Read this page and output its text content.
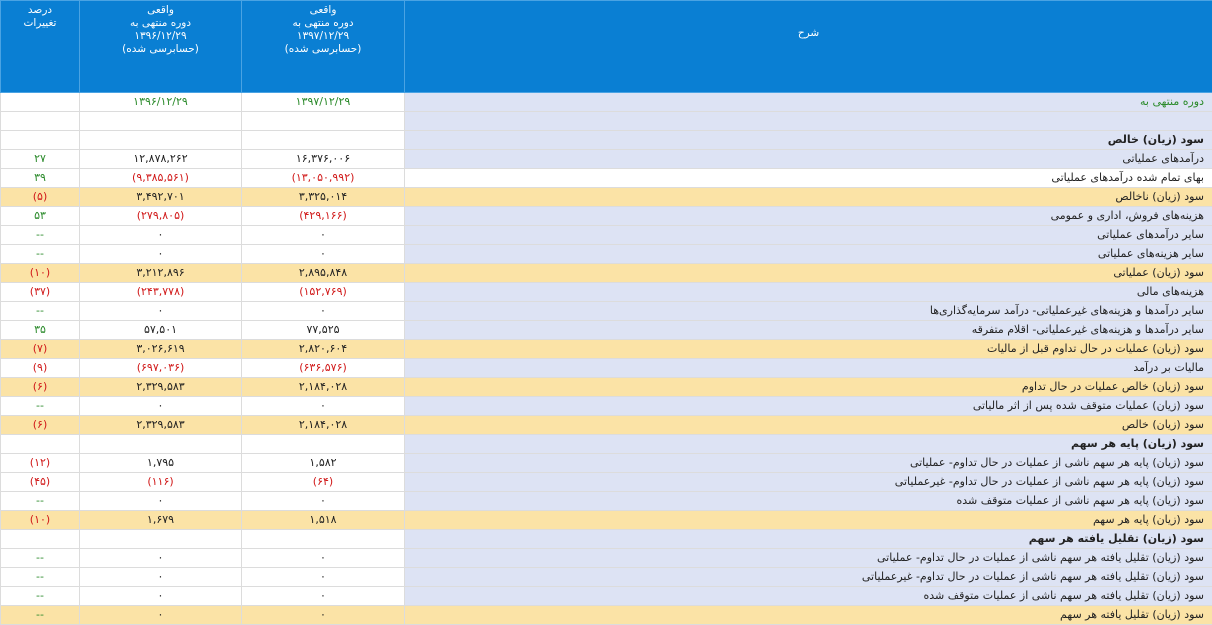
درصد
تغییرات	واقعی
دوره منتهی به
۱۳۹۶/۱۲/۲۹
(حسابرسی شده)	واقعی
دوره منتهی به
۱۳۹۷/۱۲/۲۹
(حسابرسی شده)	شرح
	۱۳۹۶/۱۲/۲۹	۱۳۹۷/۱۲/۲۹	دوره منتهی به

			سود (زیان) خالص
۲۷	۱۲,۸۷۸,۲۶۲	۱۶,۳۷۶,۰۰۶	درآمدهای عملیاتی
۳۹	(۹,۳۸۵,۵۶۱)	(۱۳,۰۵۰,۹۹۲)	بهای تمام شده درآمدهای عملیاتی
(۵)	۳,۴۹۲,۷۰۱	۳,۳۲۵,۰۱۴	سود (زیان) ناخالص
۵۳	(۲۷۹,۸۰۵)	(۴۲۹,۱۶۶)	هزینه‌های فروش، اداری و عمومی
--	۰	۰	سایر درآمدهای عملیاتی
--	۰	۰	سایر هزینه‌های عملیاتی
(۱۰)	۳,۲۱۲,۸۹۶	۲,۸۹۵,۸۴۸	سود (زیان) عملیاتی
(۳۷)	(۲۴۳,۷۷۸)	(۱۵۲,۷۶۹)	هزینه‌های مالی
--	۰	۰	سایر درآمدها و هزینه‌های غیرعملیاتی- درآمد سرمایه‌گذاری‌ها
۳۵	۵۷,۵۰۱	۷۷,۵۲۵	سایر درآمدها و هزینه‌های غیرعملیاتی- اقلام متفرقه
(۷)	۳,۰۲۶,۶۱۹	۲,۸۲۰,۶۰۴	سود (زیان) عملیات در حال تداوم قبل از مالیات
(۹)	(۶۹۷,۰۳۶)	(۶۳۶,۵۷۶)	مالیات بر درآمد
(۶)	۲,۳۲۹,۵۸۳	۲,۱۸۴,۰۲۸	سود (زیان) خالص عملیات در حال تداوم
--	۰	۰	سود (زیان) عملیات متوقف شده پس از اثر مالیاتی
(۶)	۲,۳۲۹,۵۸۳	۲,۱۸۴,۰۲۸	سود (زیان) خالص
			سود (زیان) پایه هر سهم
(۱۲)	۱,۷۹۵	۱,۵۸۲	سود (زیان) پایه هر سهم ناشی از عملیات در حال تداوم- عملیاتی
(۴۵)	(۱۱۶)	(۶۴)	سود (زیان) پایه هر سهم ناشی از عملیات در حال تداوم- غیرعملیاتی
--	۰	۰	سود (زیان) پایه هر سهم ناشی از عملیات متوقف شده
(۱۰)	۱,۶۷۹	۱,۵۱۸	سود (زیان) پایه هر سهم
			سود (زیان) تقلیل یافته هر سهم
--	۰	۰	سود (زیان) تقلیل یافته هر سهم ناشی از عملیات در حال تداوم- عملیاتی
--	۰	۰	سود (زیان) تقلیل یافته هر سهم ناشی از عملیات در حال تداوم- غیرعملیاتی
--	۰	۰	سود (زیان) تقلیل یافته هر سهم ناشی از عملیات متوقف شده
--	۰	۰	سود (زیان) تقلیل یافته هر سهم
